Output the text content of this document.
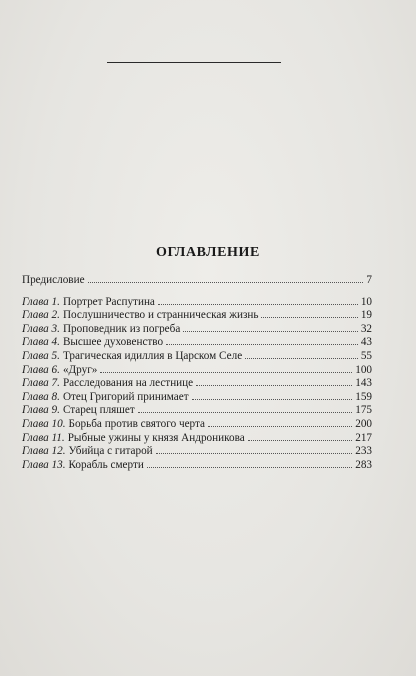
ОГЛАВЛЕНИЕ
Предисловие	7
Глава 1. Портрет Распутина	10
Глава 2. Послушничество и странническая жизнь	19
Глава 3. Проповедник из погреба	32
Глава 4. Высшее духовенство	43
Глава 5. Трагическая идиллия в Царском Селе	55
Глава 6. «Друг»	100
Глава 7. Расследования на лестнице	143
Глава 8. Отец Григорий принимает	159
Глава 9. Старец пляшет	175
Глава 10. Борьба против святого черта	200
Глава 11. Рыбные ужины у князя Андроникова	217
Глава 12. Убийца с гитарой	233
Глава 13. Корабль смерти	283
